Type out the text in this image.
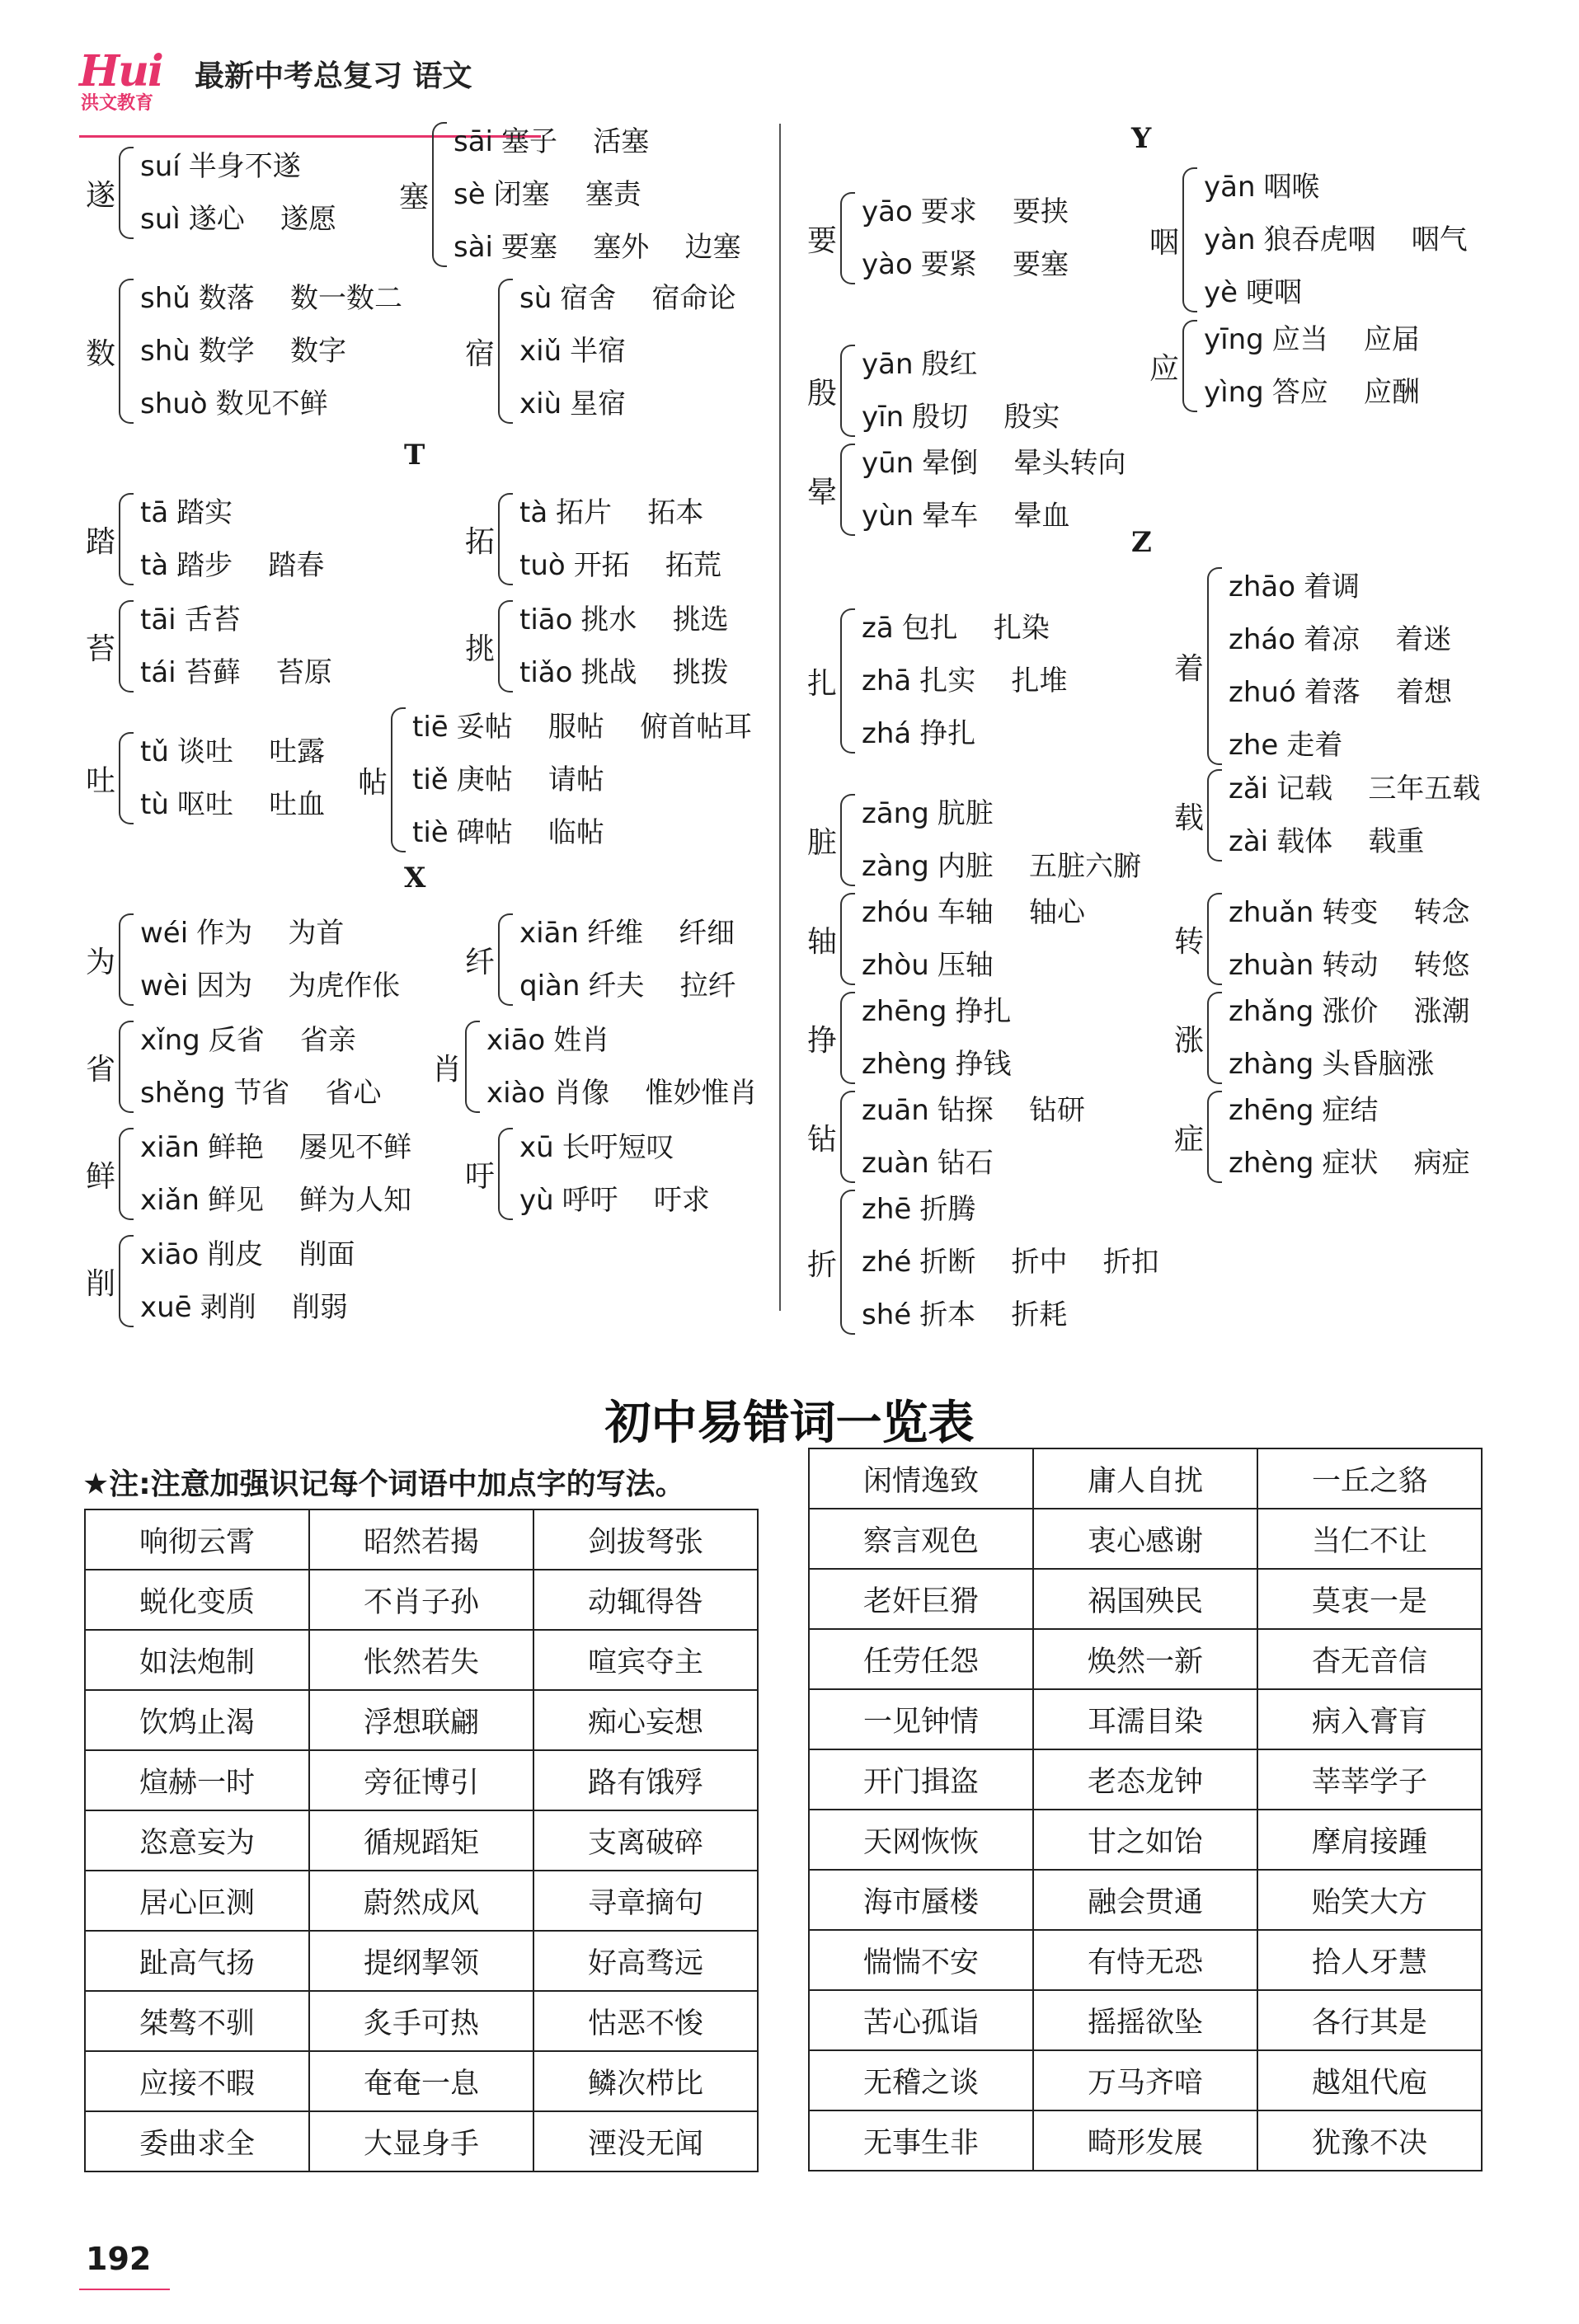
Hui
洪文教育
最新中考总复习 语文
T
X
Y
Z
遂
suí 半身不遂
suì 遂心    遂愿
塞
sāi 塞子    活塞
sè 闭塞    塞责
sài 要塞    塞外    边塞
数
shǔ 数落    数一数二
shù 数学    数字
shuò 数见不鲜
宿
sù 宿舍    宿命论
xiǔ 半宿
xiù 星宿
踏
tā 踏实
tà 踏步    踏春
拓
tà 拓片    拓本
tuò 开拓    拓荒
苔
tāi 舌苔
tái 苔藓    苔原
挑
tiāo 挑水    挑选
tiǎo 挑战    挑拨
吐
tǔ 谈吐    吐露
tù 呕吐    吐血
帖
tiē 妥帖    服帖    俯首帖耳
tiě 庚帖    请帖
tiè 碑帖    临帖
为
wéi 作为    为首
wèi 因为    为虎作伥
纤
xiān 纤维    纤细
qiàn 纤夫    拉纤
省
xǐng 反省    省亲
shěng 节省    省心
肖
xiāo 姓肖
xiào 肖像    惟妙惟肖
鲜
xiān 鲜艳    屡见不鲜
xiǎn 鲜见    鲜为人知
吁
xū 长吁短叹
yù 呼吁    吁求
削
xiāo 削皮    削面
xuē 剥削    削弱
要
yāo 要求    要挟
yào 要紧    要塞
咽
yān 咽喉
yàn 狼吞虎咽    咽气
yè 哽咽
殷
yān 殷红
yīn 殷切    殷实
应
yīng 应当    应届
yìng 答应    应酬
晕
yūn 晕倒    晕头转向
yùn 晕车    晕血
扎
zā 包扎    扎染
zhā 扎实    扎堆
zhá 挣扎
着
zhāo 着调
zháo 着凉    着迷
zhuó 着落    着想
zhe 走着
脏
zāng 肮脏
zàng 内脏    五脏六腑
载
zǎi 记载    三年五载
zài 载体    载重
轴
zhóu 车轴    轴心
zhòu 压轴
转
zhuǎn 转变    转念
zhuàn 转动    转悠
挣
zhēng 挣扎
zhèng 挣钱
涨
zhǎng 涨价    涨潮
zhàng 头昏脑涨
钻
zuān 钻探    钻研
zuàn 钻石
症
zhēng 症结
zhèng 症状    病症
折
zhē 折腾
zhé 折断    折中    折扣
shé 折本    折耗
初中易错词一览表
★注:注意加强识记每个词语中加点字的写法。
响彻云霄	昭然若揭	剑拔弩张
蜕化变质	不肖子孙	动辄得咎
如法炮制	怅然若失	喧宾夺主
饮鸩止渴	浮想联翩	痴心妄想
煊赫一时	旁征博引	路有饿殍
恣意妄为	循规蹈矩	支离破碎
居心叵测	蔚然成风	寻章摘句
趾高气扬	提纲挈领	好高骛远
桀骜不驯	炙手可热	怙恶不悛
应接不暇	奄奄一息	鳞次栉比
委曲求全	大显身手	湮没无闻
闲情逸致	庸人自扰	一丘之貉
察言观色	衷心感谢	当仁不让
老奸巨猾	祸国殃民	莫衷一是
任劳任怨	焕然一新	杳无音信
一见钟情	耳濡目染	病入膏肓
开门揖盗	老态龙钟	莘莘学子
天网恢恢	甘之如饴	摩肩接踵
海市蜃楼	融会贯通	贻笑大方
惴惴不安	有恃无恐	拾人牙慧
苦心孤诣	摇摇欲坠	各行其是
无稽之谈	万马齐喑	越俎代庖
无事生非	畸形发展	犹豫不决
192
